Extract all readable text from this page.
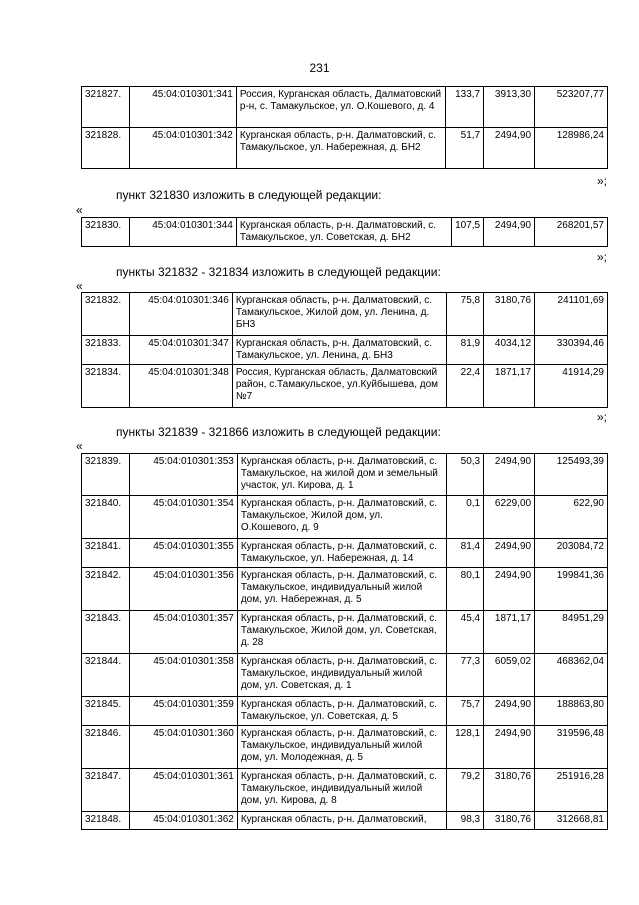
231
321827.	45:04:010301:341	Россия, Курганская область, Далматовский р-н, с. Тамакульское, ул. О.Кошевого, д. 4	133,7	3913,30	523207,77
321828.	45:04:010301:342	Курганская область, р-н. Далматовский, с. Тамакульское, ул. Набережная, д. БН2	51,7	2494,90	128986,24
»;
пункт 321830 изложить в следующей редакции:
«
321830.	45:04:010301:344	Курганская область, р-н. Далматовский, с. Тамакульское, ул. Советская, д. БН2	107,5	2494,90	268201,57
»;
пункты 321832 - 321834 изложить в следующей редакции:
«
321832.	45:04:010301:346	Курганская область, р-н. Далматовский, с. Тамакульское, Жилой дом, ул. Ленина, д. БН3	75,8	3180,76	241101,69
321833.	45:04:010301:347	Курганская область, р-н. Далматовский, с. Тамакульское, ул. Ленина, д. БН3	81,9	4034,12	330394,46
321834.	45:04:010301:348	Россия, Курганская область, Далматовский район, с.Тамакульское, ул.Куйбышева, дом №7	22,4	1871,17	41914,29
»;
пункты 321839 - 321866 изложить в следующей редакции:
«
321839.	45:04:010301:353	Курганская область, р-н. Далматовский, с. Тамакульское, на жилой дом и земельный участок, ул. Кирова, д. 1	50,3	2494,90	125493,39
321840.	45:04:010301:354	Курганская область, р-н. Далматовский, с. Тамакульское, Жилой дом, ул. О.Кошевого, д. 9	0,1	6229,00	622,90
321841.	45:04:010301:355	Курганская область, р-н. Далматовский, с. Тамакульское, ул. Набережная, д. 14	81,4	2494,90	203084,72
321842.	45:04:010301:356	Курганская область, р-н. Далматовский, с. Тамакульское, индивидуальный жилой дом, ул. Набережная, д. 5	80,1	2494,90	199841,36
321843.	45:04:010301:357	Курганская область, р-н. Далматовский, с. Тамакульское, Жилой дом, ул. Советская, д. 28	45,4	1871,17	84951,29
321844.	45:04:010301:358	Курганская область, р-н. Далматовский, с. Тамакульское, индивидуальный жилой дом, ул. Советская, д. 1	77,3	6059,02	468362,04
321845.	45:04:010301:359	Курганская область, р-н. Далматовский, с. Тамакульское, ул. Советская, д. 5	75,7	2494,90	188863,80
321846.	45:04:010301:360	Курганская область, р-н. Далматовский, с. Тамакульское, индивидуальный жилой дом, ул. Молодежная, д. 5	128,1	2494,90	319596,48
321847.	45:04:010301:361	Курганская область, р-н. Далматовский, с. Тамакульское, индивидуальный жилой дом, ул. Кирова, д. 8	79,2	3180,76	251916,28
321848.	45:04:010301:362	Курганская область, р-н. Далматовский,	98,3	3180,76	312668,81
